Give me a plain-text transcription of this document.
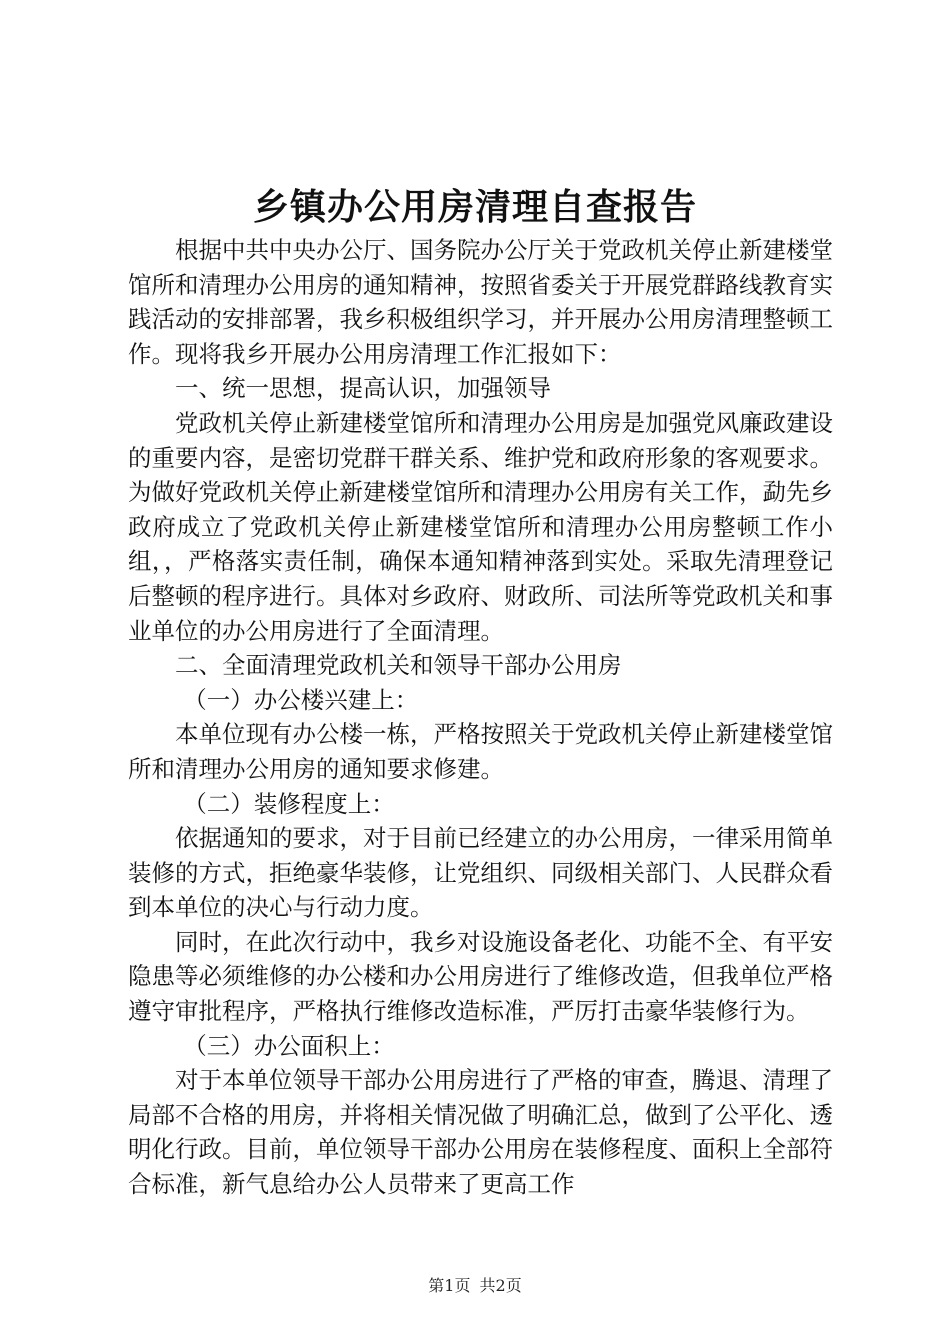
乡镇办公用房清理自查报告

根据中共中央办公厅、国务院办公厅关于党政机关停止新建楼堂馆所和清理办公用房的通知精神，按照省委关于开展党群路线教育实践活动的安排部署，我乡积极组织学习，并开展办公用房清理整顿工作。现将我乡开展办公用房清理工作汇报如下：

一、统一思想，提高认识，加强领导

党政机关停止新建楼堂馆所和清理办公用房是加强党风廉政建设的重要内容，是密切党群干群关系、维护党和政府形象的客观要求。为做好党政机关停止新建楼堂馆所和清理办公用房有关工作，勐先乡政府成立了党政机关停止新建楼堂馆所和清理办公用房整顿工作小组，，严格落实责任制，确保本通知精神落到实处。采取先清理登记后整顿的程序进行。具体对乡政府、财政所、司法所等党政机关和事业单位的办公用房进行了全面清理。

二、全面清理党政机关和领导干部办公用房

（一）办公楼兴建上：

本单位现有办公楼一栋，严格按照关于党政机关停止新建楼堂馆所和清理办公用房的通知要求修建。

（二）装修程度上：

依据通知的要求，对于目前已经建立的办公用房，一律采用简单装修的方式，拒绝豪华装修，让党组织、同级相关部门、人民群众看到本单位的决心与行动力度。

同时，在此次行动中，我乡对设施设备老化、功能不全、有平安隐患等必须维修的办公楼和办公用房进行了维修改造，但我单位严格遵守审批程序，严格执行维修改造标准，严厉打击豪华装修行为。

（三）办公面积上：

对于本单位领导干部办公用房进行了严格的审查，腾退、清理了局部不合格的用房，并将相关情况做了明确汇总，做到了公平化、透明化行政。目前，单位领导干部办公用房在装修程度、面积上全部符合标准，新气息给办公人员带来了更高工作

第1页 共2页
